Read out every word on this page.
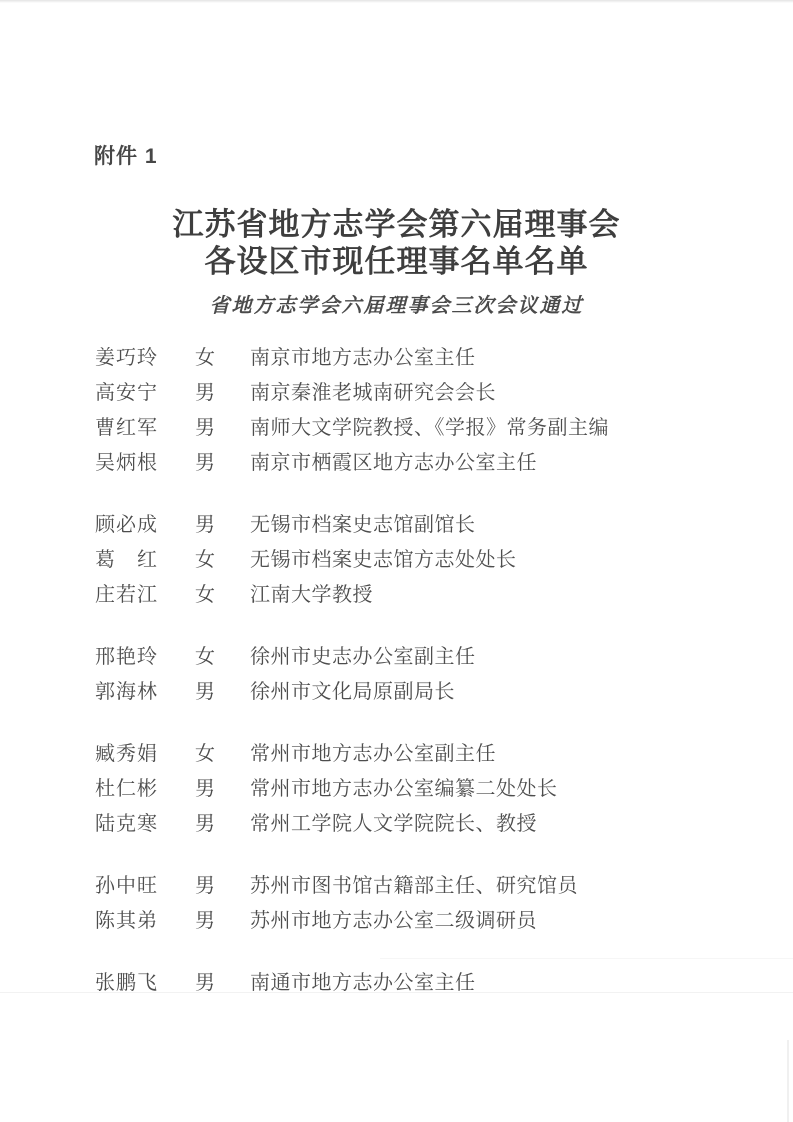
附件 1
江苏省地方志学会第六届理事会
各设区市现任理事名单名单
省地方志学会六届理事会三次会议通过
姜巧玲	女	南京市地方志办公室主任
高安宁	男	南京秦淮老城南研究会会长
曹红军	男	南师大文学院教授、《学报》常务副主编
吴炳根	男	南京市栖霞区地方志办公室主任
顾必成	男	无锡市档案史志馆副馆长
葛　红	女	无锡市档案史志馆方志处处长
庄若江	女	江南大学教授
邢艳玲	女	徐州市史志办公室副主任
郭海林	男	徐州市文化局原副局长
臧秀娟	女	常州市地方志办公室副主任
杜仁彬	男	常州市地方志办公室编纂二处处长
陆克寒	男	常州工学院人文学院院长、教授
孙中旺	男	苏州市图书馆古籍部主任、研究馆员
陈其弟	男	苏州市地方志办公室二级调研员
张鹏飞	男	南通市地方志办公室主任
